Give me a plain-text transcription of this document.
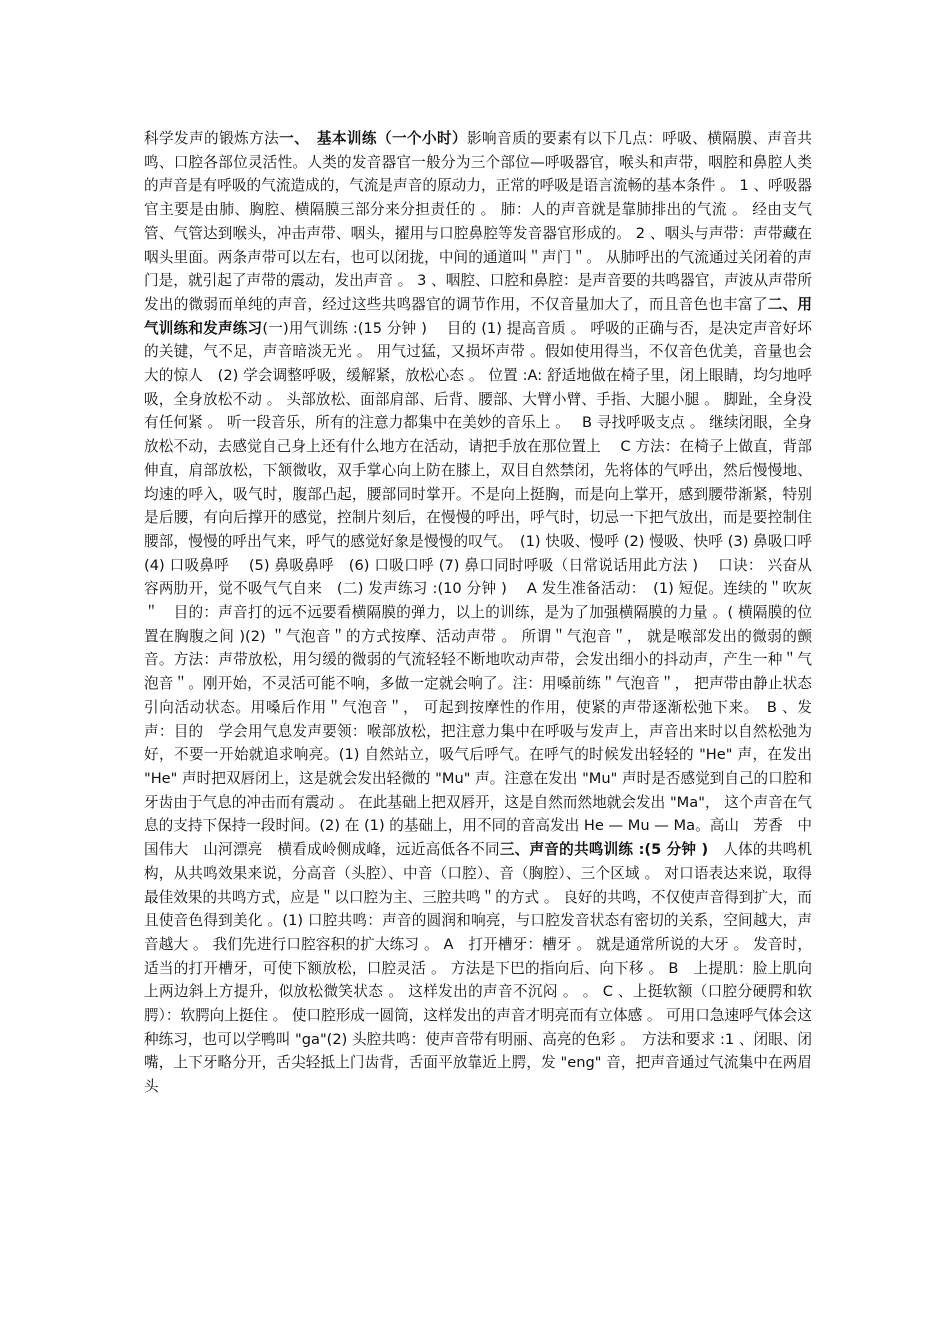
科学发声的锻炼方法一、　基本训练（一个小时）影响音质的要素有以下几点：呼吸、横隔膜、声音共鸣、口腔各部位灵活性。人类的发音器官一般分为三个部位—呼吸器官，喉头和声带，咽腔和鼻腔人类的声音是有呼吸的气流造成的，气流是声音的原动力，正常的呼吸是语言流畅的基本条件 。 1 、呼吸器官主要是由肺、胸腔、横隔膜三部分来分担责任的 。 肺：人的声音就是靠肺排出的气流 。 经由支气管、气管达到喉头，冲击声带、咽头，擢用与口腔鼻腔等发音器官形成的。 2 、咽头与声带：声带藏在咽头里面。两条声带可以左右，也可以闭拢，中间的通道叫＂声门＂。 从肺呼出的气流通过关闭着的声门是，就引起了声带的震动，发出声音 。 3 、咽腔、口腔和鼻腔：是声音要的共鸣器官，声波从声带所发出的微弱而单纯的声音，经过这些共鸣器官的调节作用，不仅音量加大了，而且音色也丰富了二、用气训练和发声练习(一)用气训练 :(15 分钟 )　 目的 (1) 提高音质 。 呼吸的正确与否，是决定声音好坏的关键，气不足，声音暗淡无光 。 用气过猛，又损坏声带 。假如使用得当，不仅音色优美，音量也会大的惊人　(2) 学会调整呼吸，缓解紧，放松心态 。 位置 :A: 舒适地做在椅子里，闭上眼睛，均匀地呼吸，全身放松不动 。 头部放松、面部肩部、后背、腰部、大臂小臂、手指、大腿小腿 。 脚趾，全身没有任何紧 。 听一段音乐，所有的注意力都集中在美妙的音乐上 。　 B 寻找呼吸支点 。 继续闭眼，全身放松不动，去感觉自己身上还有什么地方在活动，请把手放在那位置上　 C 方法：在椅子上做直，背部伸直，肩部放松，下颔微收，双手掌心向上防在膝上，双目自然禁闭，先将体的气呼出，然后慢慢地、均速的呼入，吸气时，腹部凸起，腰部同时掌开。不是向上挺胸，而是向上掌开，感到腰带渐紧，特别是后腰，有向后撑开的感觉，控制片刻后，在慢慢的呼出，呼气时，切忌一下把气放出，而是要控制住腰部，慢慢的呼出气来，呼气的感觉好象是慢慢的叹气。　(1) 快吸、慢呼 (2) 慢吸、快呼 (3) 鼻吸口呼　(4) 口吸鼻呼　 (5) 鼻吸鼻呼　(6) 口吸口呼 (7) 鼻口同时呼吸（日常说话用此方法 )　 口诀： 兴奋从容两肋开，觉不吸气气自来　(二) 发声练习 :(10 分钟 )　 A 发生准备活动：　(1) 短促。连续的＂吹灰＂　目的：声音打的远不远要看横隔膜的弹力，以上的训练，是为了加强横隔膜的力量 。( 横隔膜的位置在胸腹之间 )(2) ＂气泡音＂的方式按摩、活动声带 。 所谓＂气泡音＂， 就是喉部发出的微弱的颤音。方法：声带放松，用匀缓的微弱的气流轻轻不断地吹动声带，会发出细小的抖动声，产生一种＂气泡音＂。刚开始，不灵活可能不响，多做一定就会响了。注：用嗓前练＂气泡音＂， 把声带由静止状态引向活动状态。用嗓后作用＂气泡音＂， 可起到按摩性的作用，使紧的声带逐渐松弛下来。　B 、发声：目的　学会用气息发声要领：喉部放松，把注意力集中在呼吸与发声上，声音出来时以自然松弛为好，不要一开始就追求响亮。(1) 自然站立，吸气后呼气。在呼气的时候发出轻轻的 "He" 声，在发出 "He" 声时把双唇闭上，这是就会发出轻微的 "Mu" 声。注意在发出 "Mu" 声时是否感觉到自己的口腔和牙齿由于气息的冲击而有震动 。 在此基础上把双唇开，这是自然而然地就会发出 "Ma"， 这个声音在气息的支持下保持一段时间。(2) 在 (1) 的基础上，用不同的音高发出 He — Mu — Ma。高山　芳香　中国伟大　山河漂亮　横看成岭侧成峰，远近高低各不同三、声音的共鸣训练 :(5 分钟 )　人体的共鸣机构，从共鸣效果来说，分高音（头腔）、中音（口腔）、音（胸腔）、三个区域 。 对口语表达来说，取得最佳效果的共鸣方式，应是＂以口腔为主、三腔共鸣＂的方式 。 良好的共鸣，不仅使声音得到扩大，而且使音色得到美化 。(1) 口腔共鸣：声音的圆润和响亮，与口腔发音状态有密切的关系，空间越大，声音越大 。 我们先进行口腔容积的扩大练习 。 A　打开槽牙：槽牙 。 就是通常所说的大牙 。 发音时，适当的打开槽牙，可使下额放松，口腔灵活 。 方法是下巴的指向后、向下移 。 B　上提肌：脸上肌向上两边斜上方提升，似放松微笑状态 。 这样发出的声音不沉闷 。 。 C 、上挺软额（口腔分硬腭和软腭）：软腭向上挺住 。 使口腔形成一圆筒，这样发出的声音才明亮而有立体感 。 可用口急速呼气体会这种练习，也可以学鸭叫 "ga"(2) 头腔共鸣：使声音带有明丽、高亮的色彩 。　方法和要求 :1 、闭眼、闭嘴，上下牙略分开，舌尖轻抵上门齿背，舌面平放靠近上腭，发 "eng" 音，把声音通过气流集中在两眉头
